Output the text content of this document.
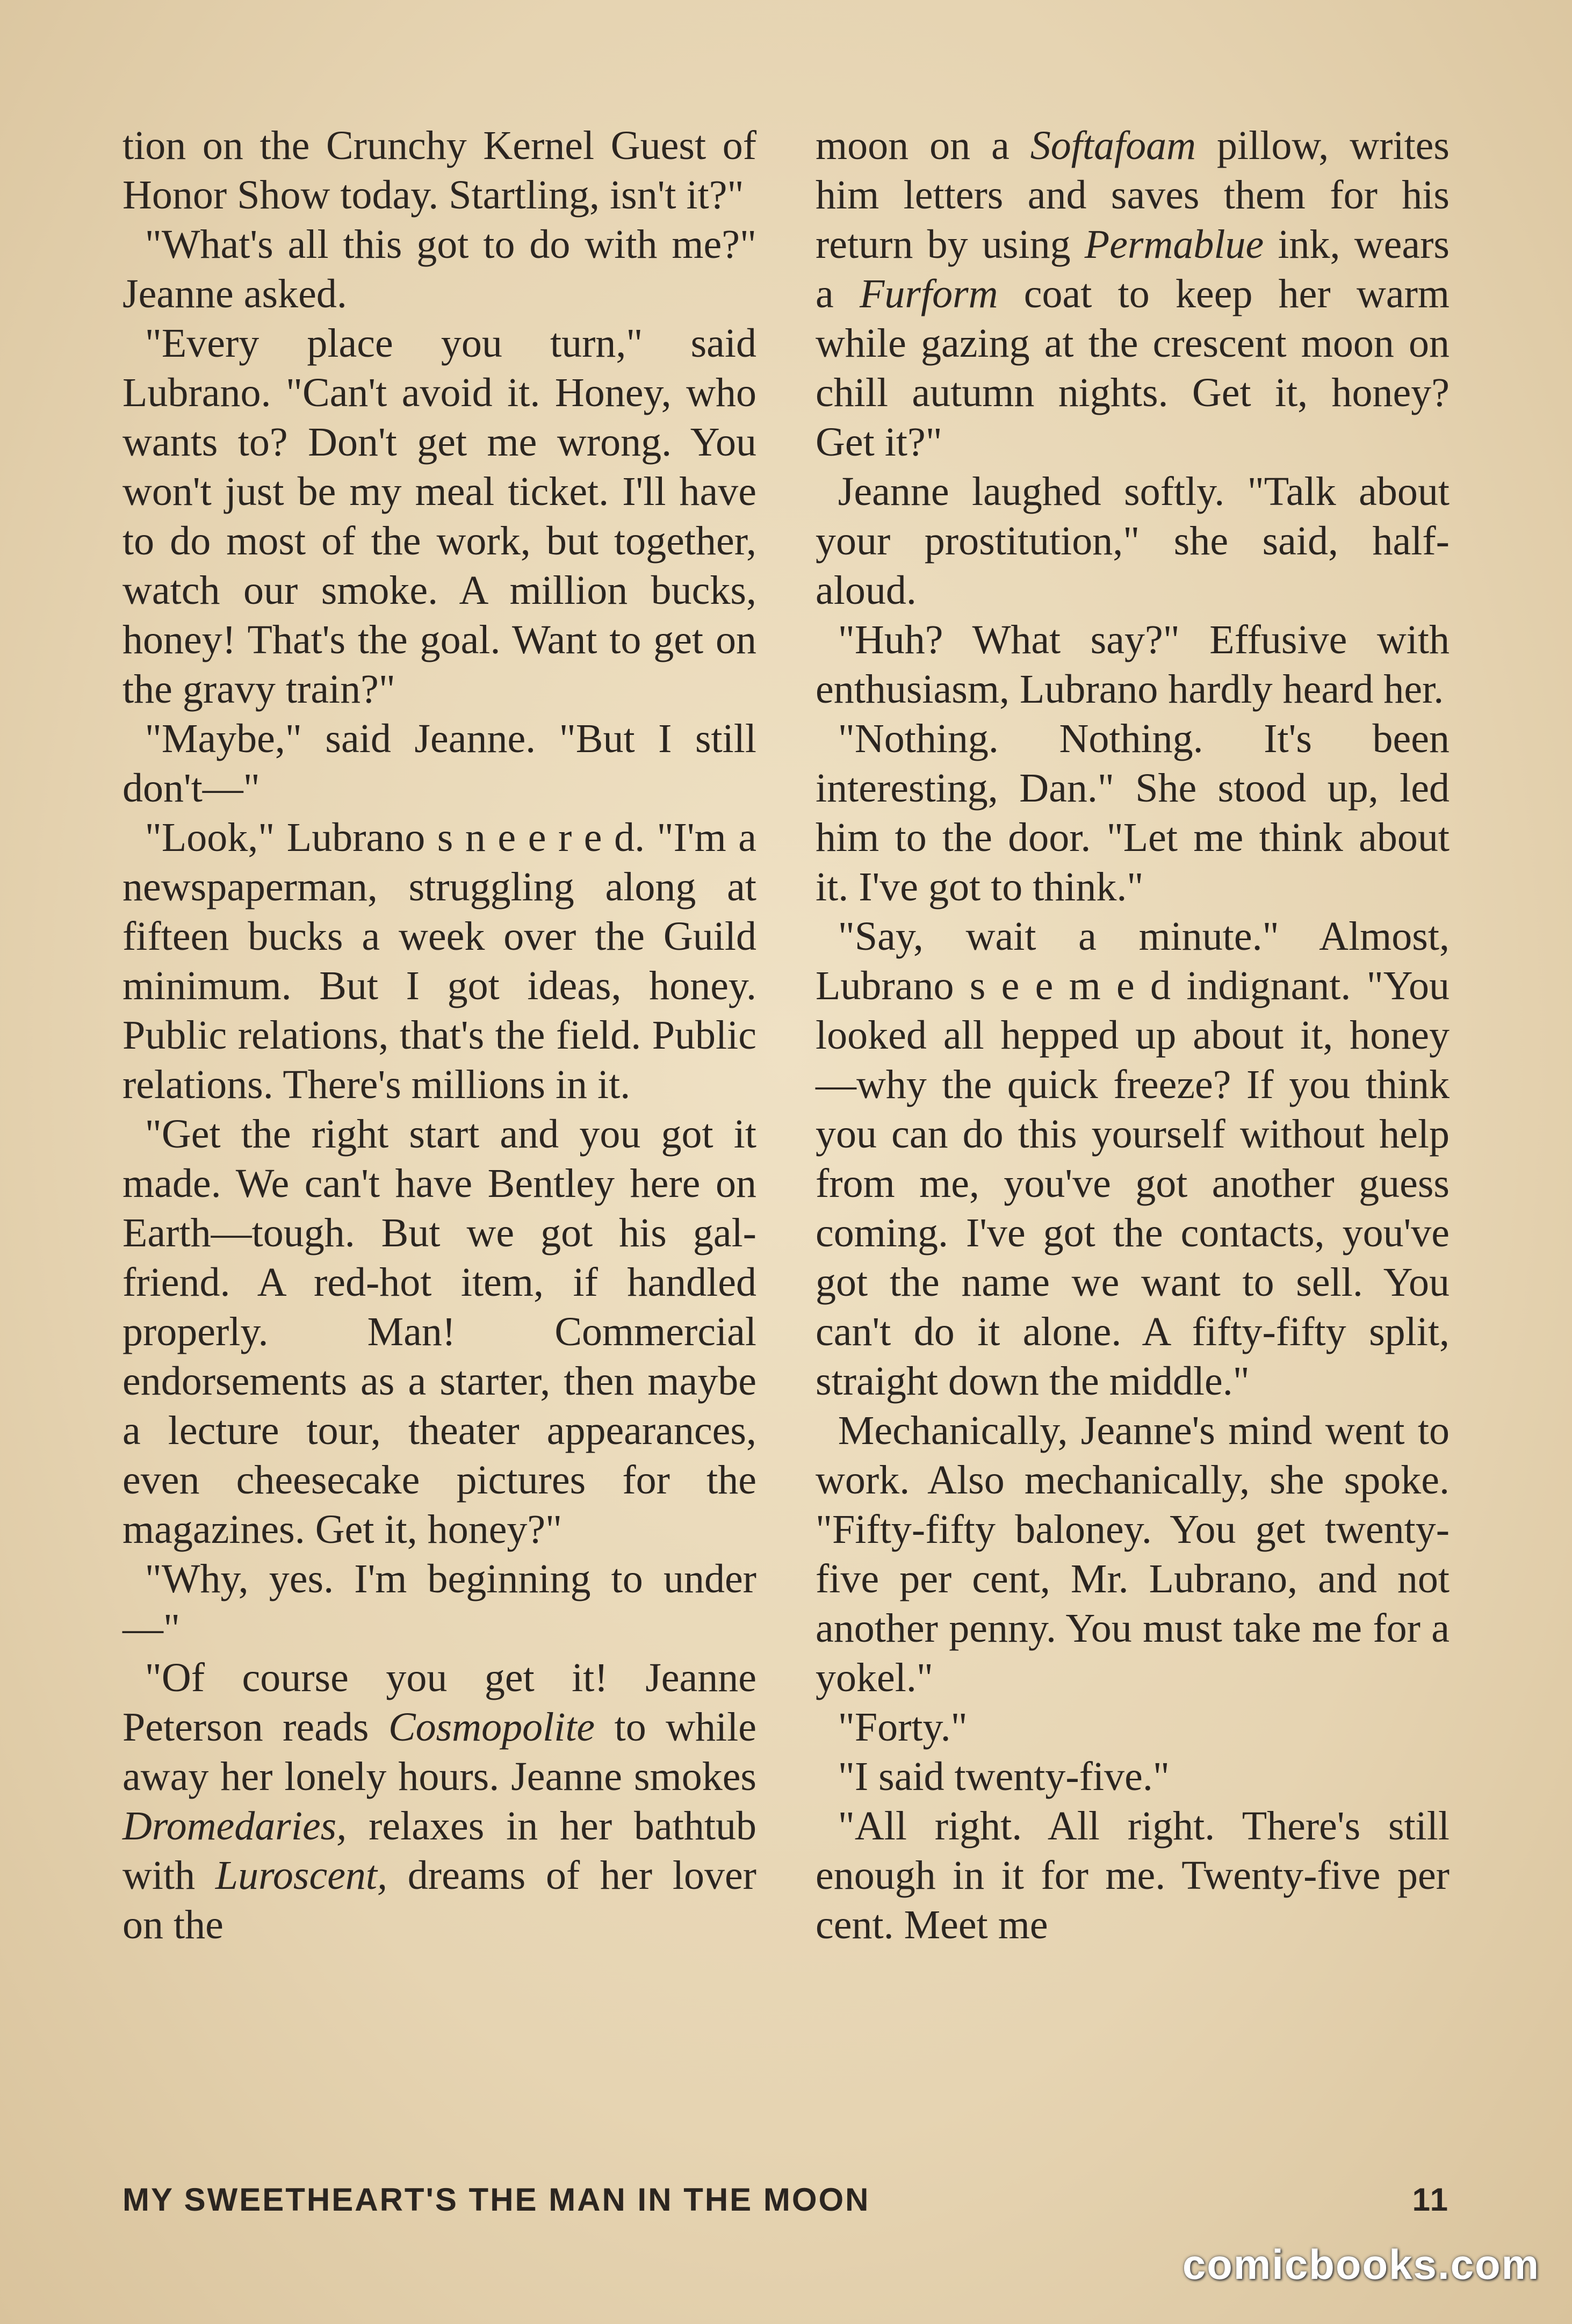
tion on the Crunchy Kernel Guest of Honor Show today. Startling, isn't it?"

"What's all this got to do with me?" Jeanne asked.

"Every place you turn," said Lubrano. "Can't avoid it. Honey, who wants to? Don't get me wrong. You won't just be my meal ticket. I'll have to do most of the work, but together, watch our smoke. A million bucks, honey! That's the goal. Want to get on the gravy train?"

"Maybe," said Jeanne. "But I still don't—"

"Look," Lubrano s n e e r e d. "I'm a newspaperman, struggling along at fifteen bucks a week over the Guild minimum. But I got ideas, honey. Public relations, that's the field. Public relations. There's millions in it.

"Get the right start and you got it made. We can't have Bentley here on Earth—tough. But we got his gal-friend. A red-hot item, if handled properly. Man! Commercial endorsements as a starter, then maybe a lecture tour, theater appearances, even cheesecake pictures for the magazines. Get it, honey?"

"Why, yes. I'm beginning to under—"

"Of course you get it! Jeanne Peterson reads Cosmopolite to while away her lonely hours. Jeanne smokes Dromedaries, relaxes in her bathtub with Luroscent, dreams of her lover on the

moon on a Softafoam pillow, writes him letters and saves them for his return by using Permablue ink, wears a Furform coat to keep her warm while gazing at the crescent moon on chill autumn nights. Get it, honey? Get it?"

Jeanne laughed softly. "Talk about your prostitution," she said, half-aloud.

"Huh? What say?" Effusive with enthusiasm, Lubrano hardly heard her.

"Nothing. Nothing. It's been interesting, Dan." She stood up, led him to the door. "Let me think about it. I've got to think."

"Say, wait a minute." Almost, Lubrano s e e m e d indignant. "You looked all hepped up about it, honey—why the quick freeze? If you think you can do this yourself without help from me, you've got another guess coming. I've got the contacts, you've got the name we want to sell. You can't do it alone. A fifty-fifty split, straight down the middle."

Mechanically, Jeanne's mind went to work. Also mechanically, she spoke. "Fifty-fifty baloney. You get twenty-five per cent, Mr. Lubrano, and not another penny. You must take me for a yokel."

"Forty."

"I said twenty-five."

"All right. All right. There's still enough in it for me. Twenty-five per cent. Meet me

MY SWEETHEART'S THE MAN IN THE MOON	11
comicbooks.com
